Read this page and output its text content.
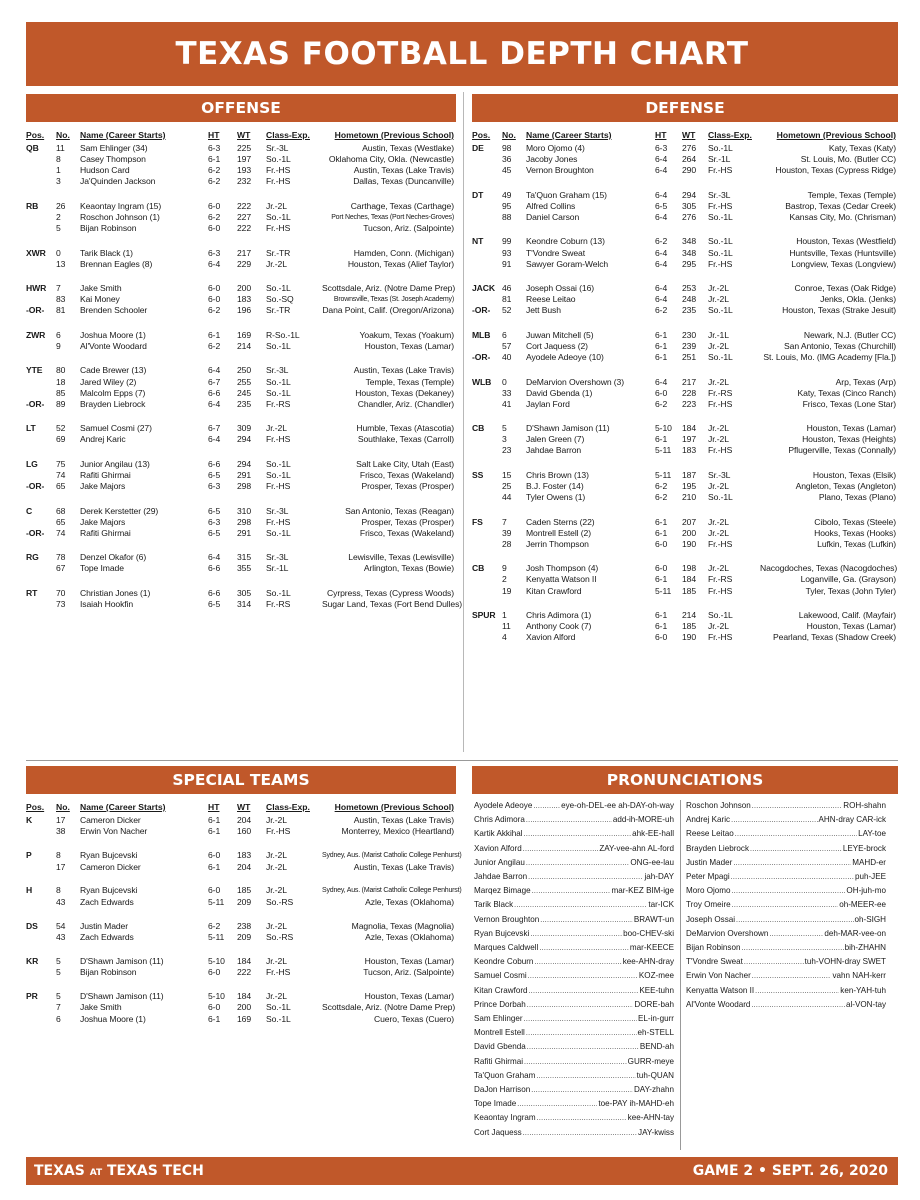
TEXAS FOOTBALL DEPTH CHART
OFFENSE	DEFENSE
Pos.	No.	Name (Career Starts)	HT	WT	Class-Exp.	Hometown (Previous School)
QB	11	Sam Ehlinger (34)	6-3	225	Sr.-3L	Austin, Texas (Westlake)
8	Casey Thompson	6-1	197	So.-1L	Oklahoma City, Okla. (Newcastle)
1	Hudson Card	6-2	193	Fr.-HS	Austin, Texas (Lake Travis)
3	Ja'Quinden Jackson	6-2	232	Fr.-HS	Dallas, Texas (Duncanville)
RB	26	Keaontay Ingram (15)	6-0	222	Jr.-2L	Carthage, Texas (Carthage)
2	Roschon Johnson (1)	6-2	227	So.-1L	Port Neches, Texas (Port Neches-Groves)
5	Bijan Robinson	6-0	222	Fr.-HS	Tucson, Ariz. (Salpointe)
XWR	0	Tarik Black (1)	6-3	217	Sr.-TR	Hamden, Conn. (Michigan)
13	Brennan Eagles (8)	6-4	229	Jr.-2L	Houston, Texas (Alief Taylor)
HWR	7	Jake Smith	6-0	200	So.-1L	Scottsdale, Ariz. (Notre Dame Prep)
83	Kai Money	6-0	183	So.-SQ	Brownsville, Texas (St. Joseph Academy)
-OR-	81	Brenden Schooler	6-2	196	Sr.-TR	Dana Point, Calif. (Oregon/Arizona)
ZWR	6	Joshua Moore (1)	6-1	169	R-So.-1L	Yoakum, Texas (Yoakum)
9	Al'Vonte Woodard	6-2	214	So.-1L	Houston, Texas (Lamar)
YTE	80	Cade Brewer (13)	6-4	250	Sr.-3L	Austin, Texas (Lake Travis)
18	Jared Wiley (2)	6-7	255	So.-1L	Temple, Texas (Temple)
85	Malcolm Epps (7)	6-6	245	So.-1L	Houston, Texas (Dekaney)
-OR-	89	Brayden Liebrock	6-4	235	Fr.-RS	Chandler, Ariz. (Chandler)
LT	52	Samuel Cosmi (27)	6-7	309	Jr.-2L	Humble, Texas (Atascotia)
69	Andrej Karic	6-4	294	Fr.-HS	Southlake, Texas (Carroll)
LG	75	Junior Angilau (13)	6-6	294	So.-1L	Salt Lake City, Utah (East)
74	Rafiti Ghirmai	6-5	291	So.-1L	Frisco, Texas (Wakeland)
-OR-	65	Jake Majors	6-3	298	Fr.-HS	Prosper, Texas (Prosper)
C	68	Derek Kerstetter (29)	6-5	310	Sr.-3L	San Antonio, Texas (Reagan)
65	Jake Majors	6-3	298	Fr.-HS	Prosper, Texas (Prosper)
-OR-	74	Rafiti Ghirmai	6-5	291	So.-1L	Frisco, Texas (Wakeland)
RG	78	Denzel Okafor (6)	6-4	315	Sr.-3L	Lewisville, Texas (Lewisville)
67	Tope Imade	6-6	355	Sr.-1L	Arlington, Texas (Bowie)
RT	70	Christian Jones (1)	6-6	305	So.-1L	Cyrpress, Texas (Cypress Woods)
73	Isaiah Hookfin	6-5	314	Fr.-RS	Sugar Land, Texas (Fort Bend Dulles)
Pos.	No.	Name (Career Starts)	HT	WT	Class-Exp.	Hometown (Previous School)
DE	98	Moro Ojomo (4)	6-3	276	So.-1L	Katy, Texas (Katy)
36	Jacoby Jones	6-4	264	Sr.-1L	St. Louis, Mo. (Butler CC)
45	Vernon Broughton	6-4	290	Fr.-HS	Houston, Texas (Cypress Ridge)
DT	49	Ta'Quon Graham (15)	6-4	294	Sr.-3L	Temple, Texas (Temple)
95	Alfred Collins	6-5	305	Fr.-HS	Bastrop, Texas (Cedar Creek)
88	Daniel Carson	6-4	276	So.-1L	Kansas City, Mo. (Chrisman)
NT	99	Keondre Coburn (13)	6-2	348	So.-1L	Houston, Texas (Westfield)
93	T'Vondre Sweat	6-4	348	So.-1L	Huntsville, Texas (Huntsville)
91	Sawyer Goram-Welch	6-4	295	Fr.-HS	Longview, Texas (Longview)
JACK 46	Joseph Ossai (16)	6-4	253	Jr.-2L	Conroe, Texas (Oak Ridge)
81	Reese Leitao	6-4	248	Jr.-2L	Jenks, Okla. (Jenks)
-OR-	52	Jett Bush	6-2	235	So.-1L	Houston, Texas (Strake Jesuit)
MLB	6	Juwan Mitchell (5)	6-1	230	Jr.-1L	Newark, N.J. (Butler CC)
57	Cort Jaquess (2)	6-1	239	Jr.-2L	San Antonio, Texas (Churchill)
-OR-	40	Ayodele Adeoye (10)	6-1	251	So.-1L	St. Louis, Mo. (IMG Academy [Fla.])
WLB	0	DeMarvion Overshown (3)	6-4	217	Jr.-2L	Arp, Texas (Arp)
33	David Gbenda (1)	6-0	228	Fr.-RS	Katy, Texas (Cinco Ranch)
41	Jaylan Ford	6-2	223	Fr.-HS	Frisco, Texas (Lone Star)
CB	5	D'Shawn Jamison (11)	5-10	184	Jr.-2L	Houston, Texas (Lamar)
3	Jalen Green (7)	6-1	197	Jr.-2L	Houston, Texas (Heights)
23	Jahdae Barron	5-11	183	Fr.-HS	Pflugerville, Texas (Connally)
SS	15	Chris Brown (13)	5-11	187	Sr.-3L	Houston, Texas (Elsik)
25	B.J. Foster (14)	6-2	195	Jr.-2L	Angleton, Texas (Angleton)
44	Tyler Owens (1)	6-2	210	So.-1L	Plano, Texas (Plano)
FS	7	Caden Sterns (22)	6-1	207	Jr.-2L	Cibolo, Texas (Steele)
39	Montrell Estell (2)	6-1	200	Jr.-2L	Hooks, Texas (Hooks)
28	Jerrin Thompson	6-0	190	Fr.-HS	Lufkin, Texas (Lufkin)
CB	9	Josh Thompson (4)	6-0	198	Jr.-2L	Nacogdoches, Texas (Nacogdoches)
2	Kenyatta Watson II	6-1	184	Fr.-RS	Loganville, Ga. (Grayson)
19	Kitan Crawford	5-11	185	Fr.-HS	Tyler, Texas (John Tyler)
SPUR 1	Chris Adimora (1)	6-1	214	So.-1L	Lakewood, Calif. (Mayfair)
11	Anthony Cook (7)	6-1	185	Jr.-2L	Houston, Texas (Lamar)
4	Xavion Alford	6-0	190	Fr.-HS	Pearland, Texas (Shadow Creek)
SPECIAL TEAMS	PRONUNCIATIONS
Pos.	No.	Name (Career Starts)	HT	WT	Class-Exp.	Hometown (Previous School)
K	17	Cameron Dicker	6-1	204	Jr.-2L	Austin, Texas (Lake Travis)
38	Erwin Von Nacher	6-1	160	Fr.-HS	Monterrey, Mexico (Heartland)
P	8	Ryan Bujcevski	6-0	183	Jr.-2L	Sydney, Aus. (Marist Catholic College Penhurst)
17	Cameron Dicker	6-1	204	Jr.-2L	Austin, Texas (Lake Travis)
H	8	Ryan Bujcevski	6-0	185	Jr.-2L	Sydney, Aus. (Marist Catholic College Penhurst)
43	Zach Edwards	5-11	209	So.-RS	Azle, Texas (Oklahoma)
DS	54	Justin Mader	6-2	238	Jr.-2L	Magnolia, Texas (Magnolia)
43	Zach Edwards	5-11	209	So.-RS	Azle, Texas (Oklahoma)
KR	5	D'Shawn Jamison (11)	5-10	184	Jr.-2L	Houston, Texas (Lamar)
5	Bijan Robinson	6-0	222	Fr.-HS	Tucson, Ariz. (Salpointe)
PR	5	D'Shawn Jamison (11)	5-10	184	Jr.-2L	Houston, Texas (Lamar)
7	Jake Smith	6-0	200	So.-1L	Scottsdale, Ariz. (Notre Dame Prep)
6	Joshua Moore (1)	6-1	169	So.-1L	Cuero, Texas (Cuero)
Ayodele Adeoye .....	eye-oh-DEL-ee ah-DAY-oh-way
Chris Adimora .....	add-ih-MORE-uh
Kartik Akkihal .....	ahk-EE-hall
Xavion Alford .....	ZAY-vee-ahn AL-ford
Junior Angilau .....	ONG-ee-lau
Jahdae Barron .....	jah-DAY
Marqez Bimage .....	mar-KEZ BIM-ige
Tarik Black .....	tar-ICK
Vernon Broughton .....	BRAWT-un
Ryan Bujcevski .....	boo-CHEV-ski
Marques Caldwell .....	mar-KEECE
Keondre Coburn .....	kee-AHN-dray
Samuel Cosmi .....	KOZ-mee
Kitan Crawford .....	KEE-tuhn
Prince Dorbah .....	DORE-bah
Sam Ehlinger .....	EL-in-gurr
Montrell Estell .....	eh-STELL
David Gbenda .....	BEND-ah
Rafiti Ghirmai .....	GURR-meye
Ta'Quon Graham .....	tuh-QUAN
DaJon Harrison .....	DAY-zhahn
Tope Imade .....	toe-PAY ih-MAHD-eh
Keaontay Ingram .....	kee-AHN-tay
Cort Jaquess .....	JAY-kwiss
Roschon Johnson .....	ROH-shahn
Andrej Karic .....	AHN-dray CAR-ick
Reese Leitao .....	LAY-toe
Brayden Liebrock .....	LEYE-brock
Justin Mader .....	MAHD-er
Peter Mpagi .....	puh-JEE
Moro Ojomo .....	OH-juh-mo
Troy Omeire .....	oh-MEER-ee
Joseph Ossai .....	oh-SIGH
DeMarvion Overshown .....	deh-MAR-vee-on
Bijan Robinson .....	bih-ZHAHN
T'Vondre Sweat .....	tuh-VOHN-dray SWET
Erwin Von Nacher .....	vahn NAH-kerr
Kenyatta Watson II .....	ken-YAH-tuh
Al'Vonte Woodard .....	al-VON-tay
TEXAS AT TEXAS TECH	GAME 2 • SEPT. 26, 2020
